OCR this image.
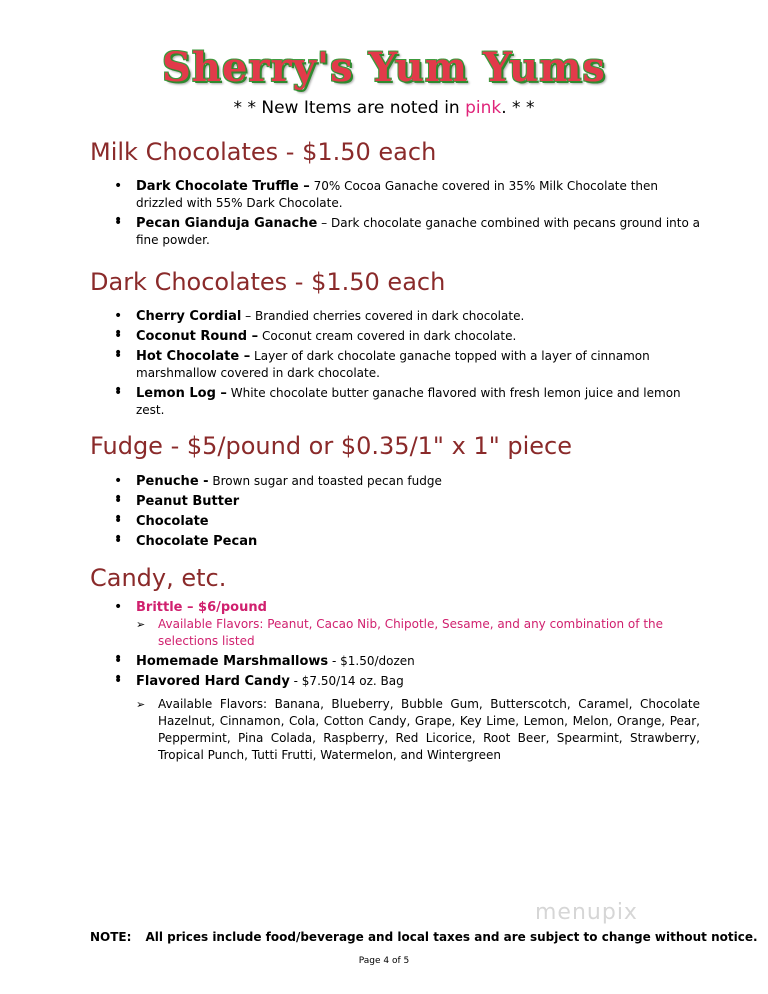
Sherry's Yum Yums
* * New Items are noted in pink. * *
Milk Chocolates - $1.50 each
• Dark Chocolate Truffle – 70% Cocoa Ganache covered in 35% Milk Chocolate then drizzled with 55% Dark Chocolate.
•
• Pecan Gianduja Ganache – Dark chocolate ganache combined with pecans ground into a fine powder.
Dark Chocolates - $1.50 each
• Cherry Cordial – Brandied cherries covered in dark chocolate.
•
• Coconut Round – Coconut cream covered in dark chocolate.
•
• Hot Chocolate – Layer of dark chocolate ganache topped with a layer of cinnamon marshmallow covered in dark chocolate.
•
• Lemon Log – White chocolate butter ganache flavored with fresh lemon juice and lemon zest.
Fudge - $5/pound or $0.35/1" x 1" piece
• Penuche - Brown sugar and toasted pecan fudge
•
• Peanut Butter
•
• Chocolate
•
• Chocolate Pecan
Candy, etc.
• Brittle – $6/pound
➢ Available Flavors: Peanut, Cacao Nib, Chipotle, Sesame, and any combination of the selections listed
•
• Homemade Marshmallows - $1.50/dozen
•
• Flavored Hard Candy - $7.50/14 oz. Bag
➢ Available Flavors: Banana, Blueberry, Bubble Gum, Butterscotch, Caramel, Chocolate Hazelnut, Cinnamon, Cola, Cotton Candy, Grape, Key Lime, Lemon, Melon, Orange, Pear, Peppermint, Pina Colada, Raspberry, Red Licorice, Root Beer, Spearmint, Strawberry, Tropical Punch, Tutti Frutti, Watermelon, and Wintergreen
menupix
NOTE: All prices include food/beverage and local taxes and are subject to change without notice.
Page 4 of 5
